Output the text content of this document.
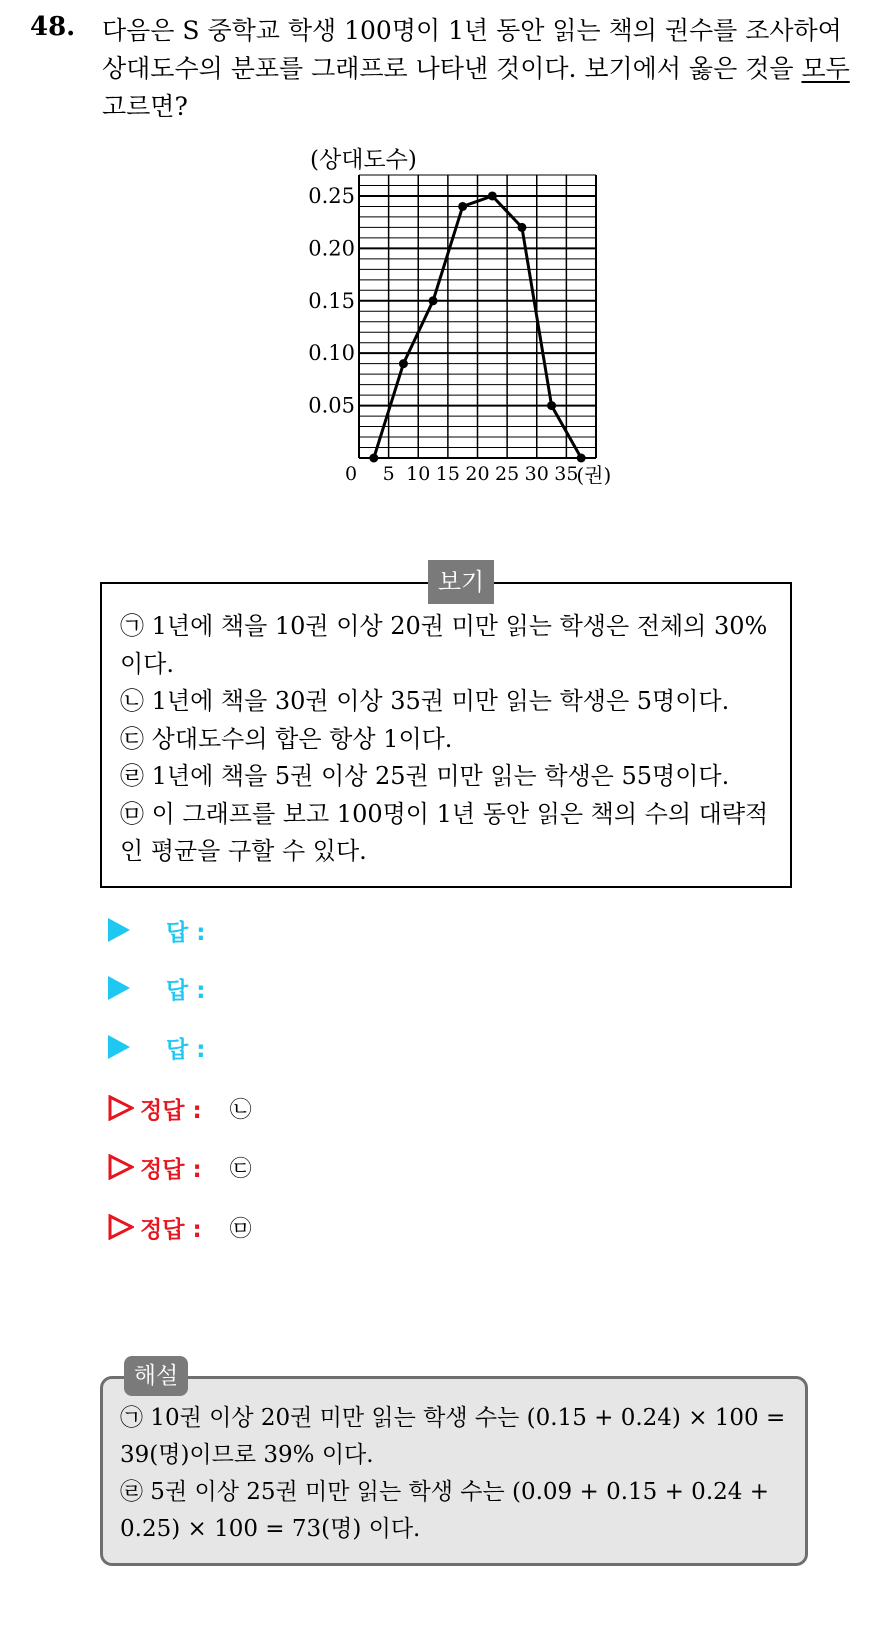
48. 다음은 S 중학교 학생 100명이 1년 동안 읽는 책의 권수를 조사하여 상대도수의 분포를 그래프로 나타낸 것이다. 보기에서 옳은 것을 모두 고르면?
0.05
0.10
0.15
0.20
0.25
0 5 10 15 20 25 30 35
(상대도수)
(권)
보기
㉠ 1년에 책을 10권 이상 20권 미만 읽는 학생은 전체의 30%이다.
㉡ 1년에 책을 30권 이상 35권 미만 읽는 학생은 5명이다.
㉢ 상대도수의 합은 항상 1이다.
㉣ 1년에 책을 5권 이상 25권 미만 읽는 학생은 55명이다.
㉤ 이 그래프를 보고 100명이 1년 동안 읽은 책의 수의 대략적 인 평균을 구할 수 있다.
답 :
답 :
답 :
정답 : ㉡
정답 : ㉢
정답 : ㉤
해설
㉠ 10권 이상 20권 미만 읽는 학생 수는 (0.15 + 0.24) × 100 = 39(명)이므로 39% 이다.
㉣ 5권 이상 25권 미만 읽는 학생 수는 (0.09 + 0.15 + 0.24 + 0.25) × 100 = 73(명) 이다.
